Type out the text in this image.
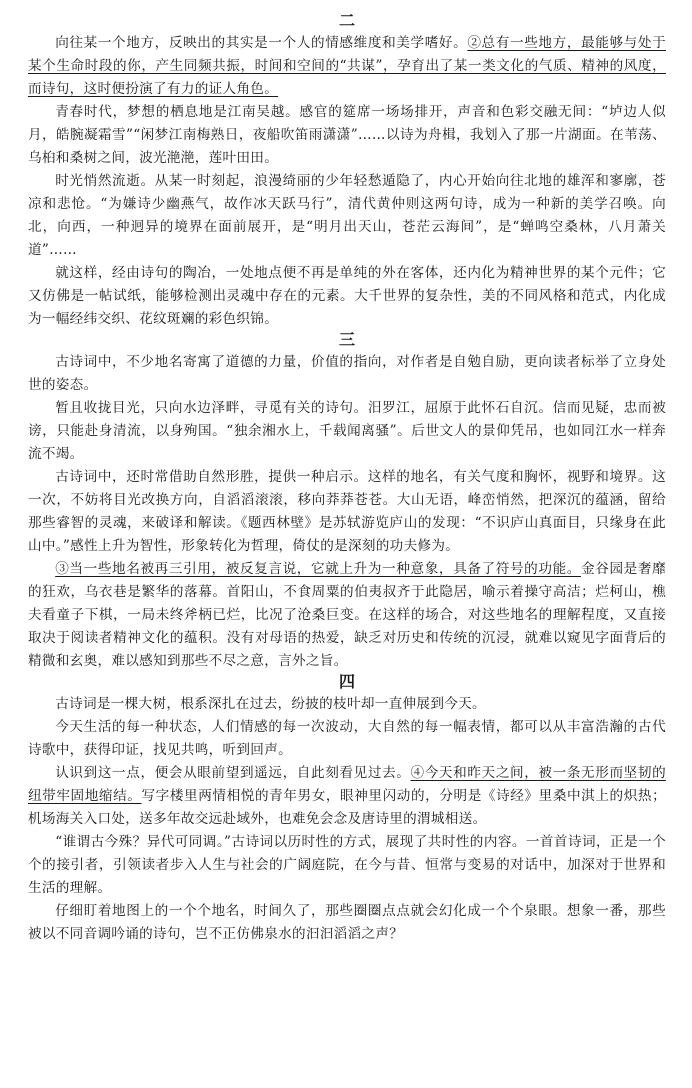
二

向往某一个地方，反映出的其实是一个人的情感维度和美学嗜好。②总有一些地方，最能够与处于某个生命时段的你，产生同频共振，时间和空间的“共谋”，孕育出了某一类文化的气质、精神的风度，而诗句，这时便扮演了有力的证人角色。

青春时代，梦想的栖息地是江南吴越。感官的筵席一场场排开，声音和色彩交融无间：“垆边人似月，皓腕凝霜雪”“闲梦江南梅熟日，夜船吹笛雨潇潇”……以诗为舟楫，我划入了那一片湖面。在苇荡、乌桕和桑树之间，波光滟滟，莲叶田田。

时光悄然流逝。从某一时刻起，浪漫绮丽的少年轻愁遁隐了，内心开始向往北地的雄浑和寥廓，苍凉和悲怆。“为嫌诗少幽燕气，故作冰天跃马行”，清代黄仲则这两句诗，成为一种新的美学召唤。向北，向西，一种迥异的境界在面前展开，是“明月出天山，苍茫云海间”，是“蝉鸣空桑林，八月萧关道”……

就这样，经由诗句的陶冶，一处地点便不再是单纯的外在客体，还内化为精神世界的某个元件；它又仿佛是一帖试纸，能够检测出灵魂中存在的元素。大千世界的复杂性，美的不同风格和范式，内化成为一幅经纬交织、花纹斑斓的彩色织锦。

三

古诗词中，不少地名寄寓了道德的力量，价值的指向，对作者是自勉自励，更向读者标举了立身处世的姿态。

暂且收拢目光，只向水边泽畔，寻觅有关的诗句。汨罗江，屈原于此怀石自沉。信而见疑，忠而被谤，只能赴身清流，以身殉国。“独余湘水上，千载闻离骚”。后世文人的景仰凭吊，也如同江水一样奔流不竭。

古诗词中，还时常借助自然形胜，提供一种启示。这样的地名，有关气度和胸怀，视野和境界。这一次，不妨将目光改换方向，自滔滔滚滚，移向莽莽苍苍。大山无语，峰峦悄然，把深沉的蕴涵，留给那些睿智的灵魂，来破译和解读。《题西林壁》是苏轼游览庐山的发现：“不识庐山真面目，只缘身在此山中。”感性上升为智性，形象转化为哲理，倚仗的是深刻的功夫修为。

③当一些地名被再三引用，被反复言说，它就上升为一种意象，具备了符号的功能。金谷园是奢靡的狂欢，乌衣巷是繁华的落幕。首阳山，不食周粟的伯夷叔齐于此隐居，喻示着操守高洁；烂柯山，樵夫看童子下棋，一局未终斧柄已烂，比况了沧桑巨变。在这样的场合，对这些地名的理解程度，又直接取决于阅读者精神文化的蕴积。没有对母语的热爱，缺乏对历史和传统的沉浸，就难以窥见字面背后的精微和玄奥，难以感知到那些不尽之意，言外之旨。

四

古诗词是一棵大树，根系深扎在过去，纷披的枝叶却一直伸展到今天。

今天生活的每一种状态，人们情感的每一次波动，大自然的每一幅表情，都可以从丰富浩瀚的古代诗歌中，获得印证，找见共鸣，听到回声。

认识到这一点，便会从眼前望到遥远，自此刻看见过去。④今天和昨天之间，被一条无形而坚韧的纽带牢固地缩结。写字楼里两情相悦的青年男女，眼神里闪动的，分明是《诗经》里桑中淇上的炽热；机场海关入口处，送多年故交远赴域外，也难免会念及唐诗里的渭城相送。

“谁谓古今殊？异代可同调。”古诗词以历时性的方式，展现了共时性的内容。一首首诗词，正是一个个的接引者，引领读者步入人生与社会的广阔庭院，在今与昔、恒常与变易的对话中，加深对于世界和生活的理解。

仔细盯着地图上的一个个地名，时间久了，那些圈圈点点就会幻化成一个个泉眼。想象一番，那些被以不同音调吟诵的诗句，岂不正仿佛泉水的汩汩滔滔之声？
